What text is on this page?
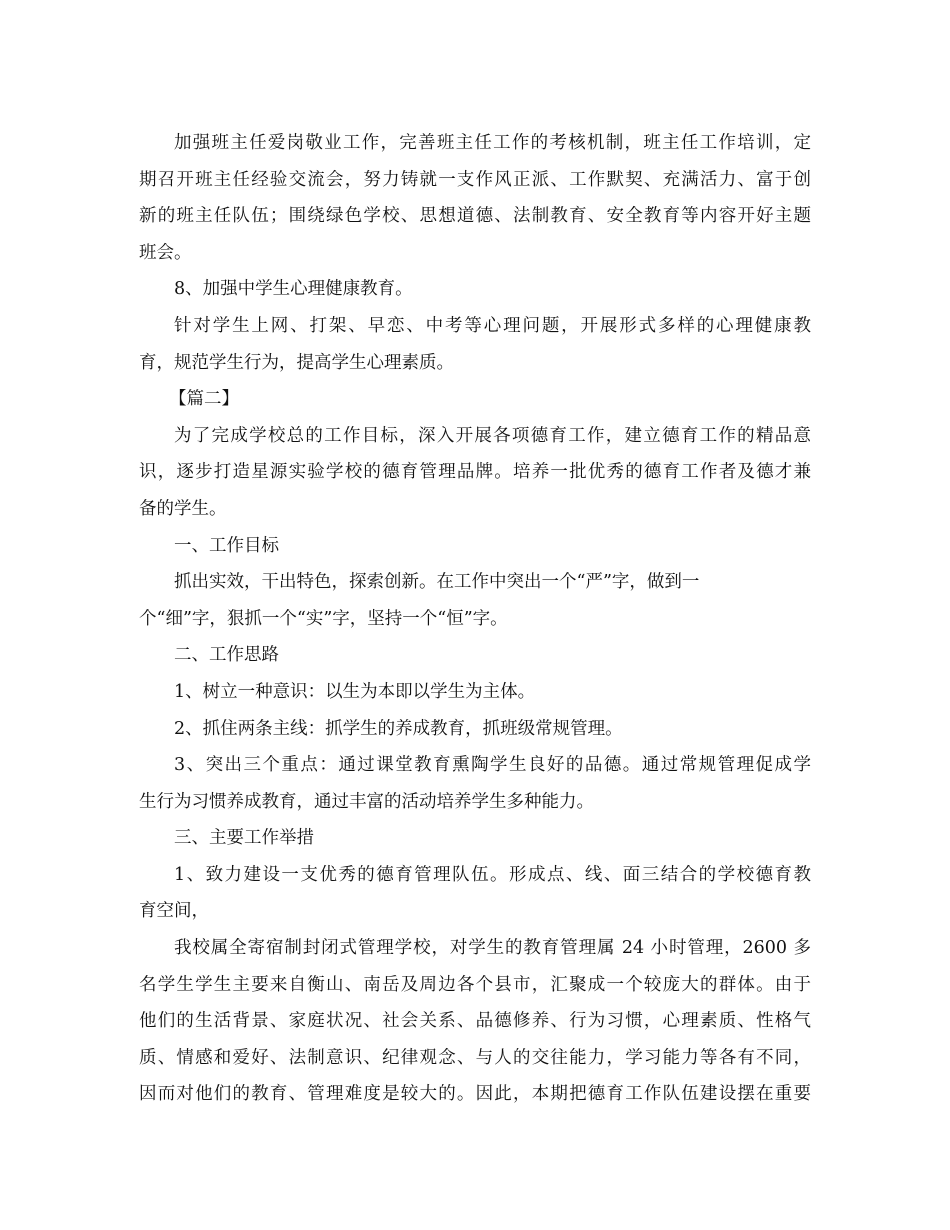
加强班主任爱岗敬业工作，完善班主任工作的考核机制，班主任工作培训，定
期召开班主任经验交流会，努力铸就一支作风正派、工作默契、充满活力、富于创
新的班主任队伍；围绕绿色学校、思想道德、法制教育、安全教育等内容开好主题
班会。
8、加强中学生心理健康教育。
针对学生上网、打架、早恋、中考等心理问题，开展形式多样的心理健康教
育，规范学生行为，提高学生心理素质。
【篇二】
为了完成学校总的工作目标，深入开展各项德育工作，建立德育工作的精品意
识，逐步打造星源实验学校的德育管理品牌。培养一批优秀的德育工作者及德才兼
备的学生。
一、工作目标
抓出实效，干出特色，探索创新。在工作中突出一个“严”字，做到一
个“细”字，狠抓一个“实”字，坚持一个“恒”字。
二、工作思路
1、树立一种意识：以生为本即以学生为主体。
2、抓住两条主线：抓学生的养成教育，抓班级常规管理。
3、突出三个重点：通过课堂教育熏陶学生良好的品德。通过常规管理促成学
生行为习惯养成教育，通过丰富的活动培养学生多种能力。
三、主要工作举措
1、致力建设一支优秀的德育管理队伍。形成点、线、面三结合的学校德育教
育空间，
我校属全寄宿制封闭式管理学校，对学生的教育管理属 24 小时管理，2600 多
名学生学生主要来自衡山、南岳及周边各个县市，汇聚成一个较庞大的群体。由于
他们的生活背景、家庭状况、社会关系、品德修养、行为习惯，心理素质、性格气
质、情感和爱好、法制意识、纪律观念、与人的交往能力，学习能力等各有不同，
因而对他们的教育、管理难度是较大的。因此，本期把德育工作队伍建设摆在重要
